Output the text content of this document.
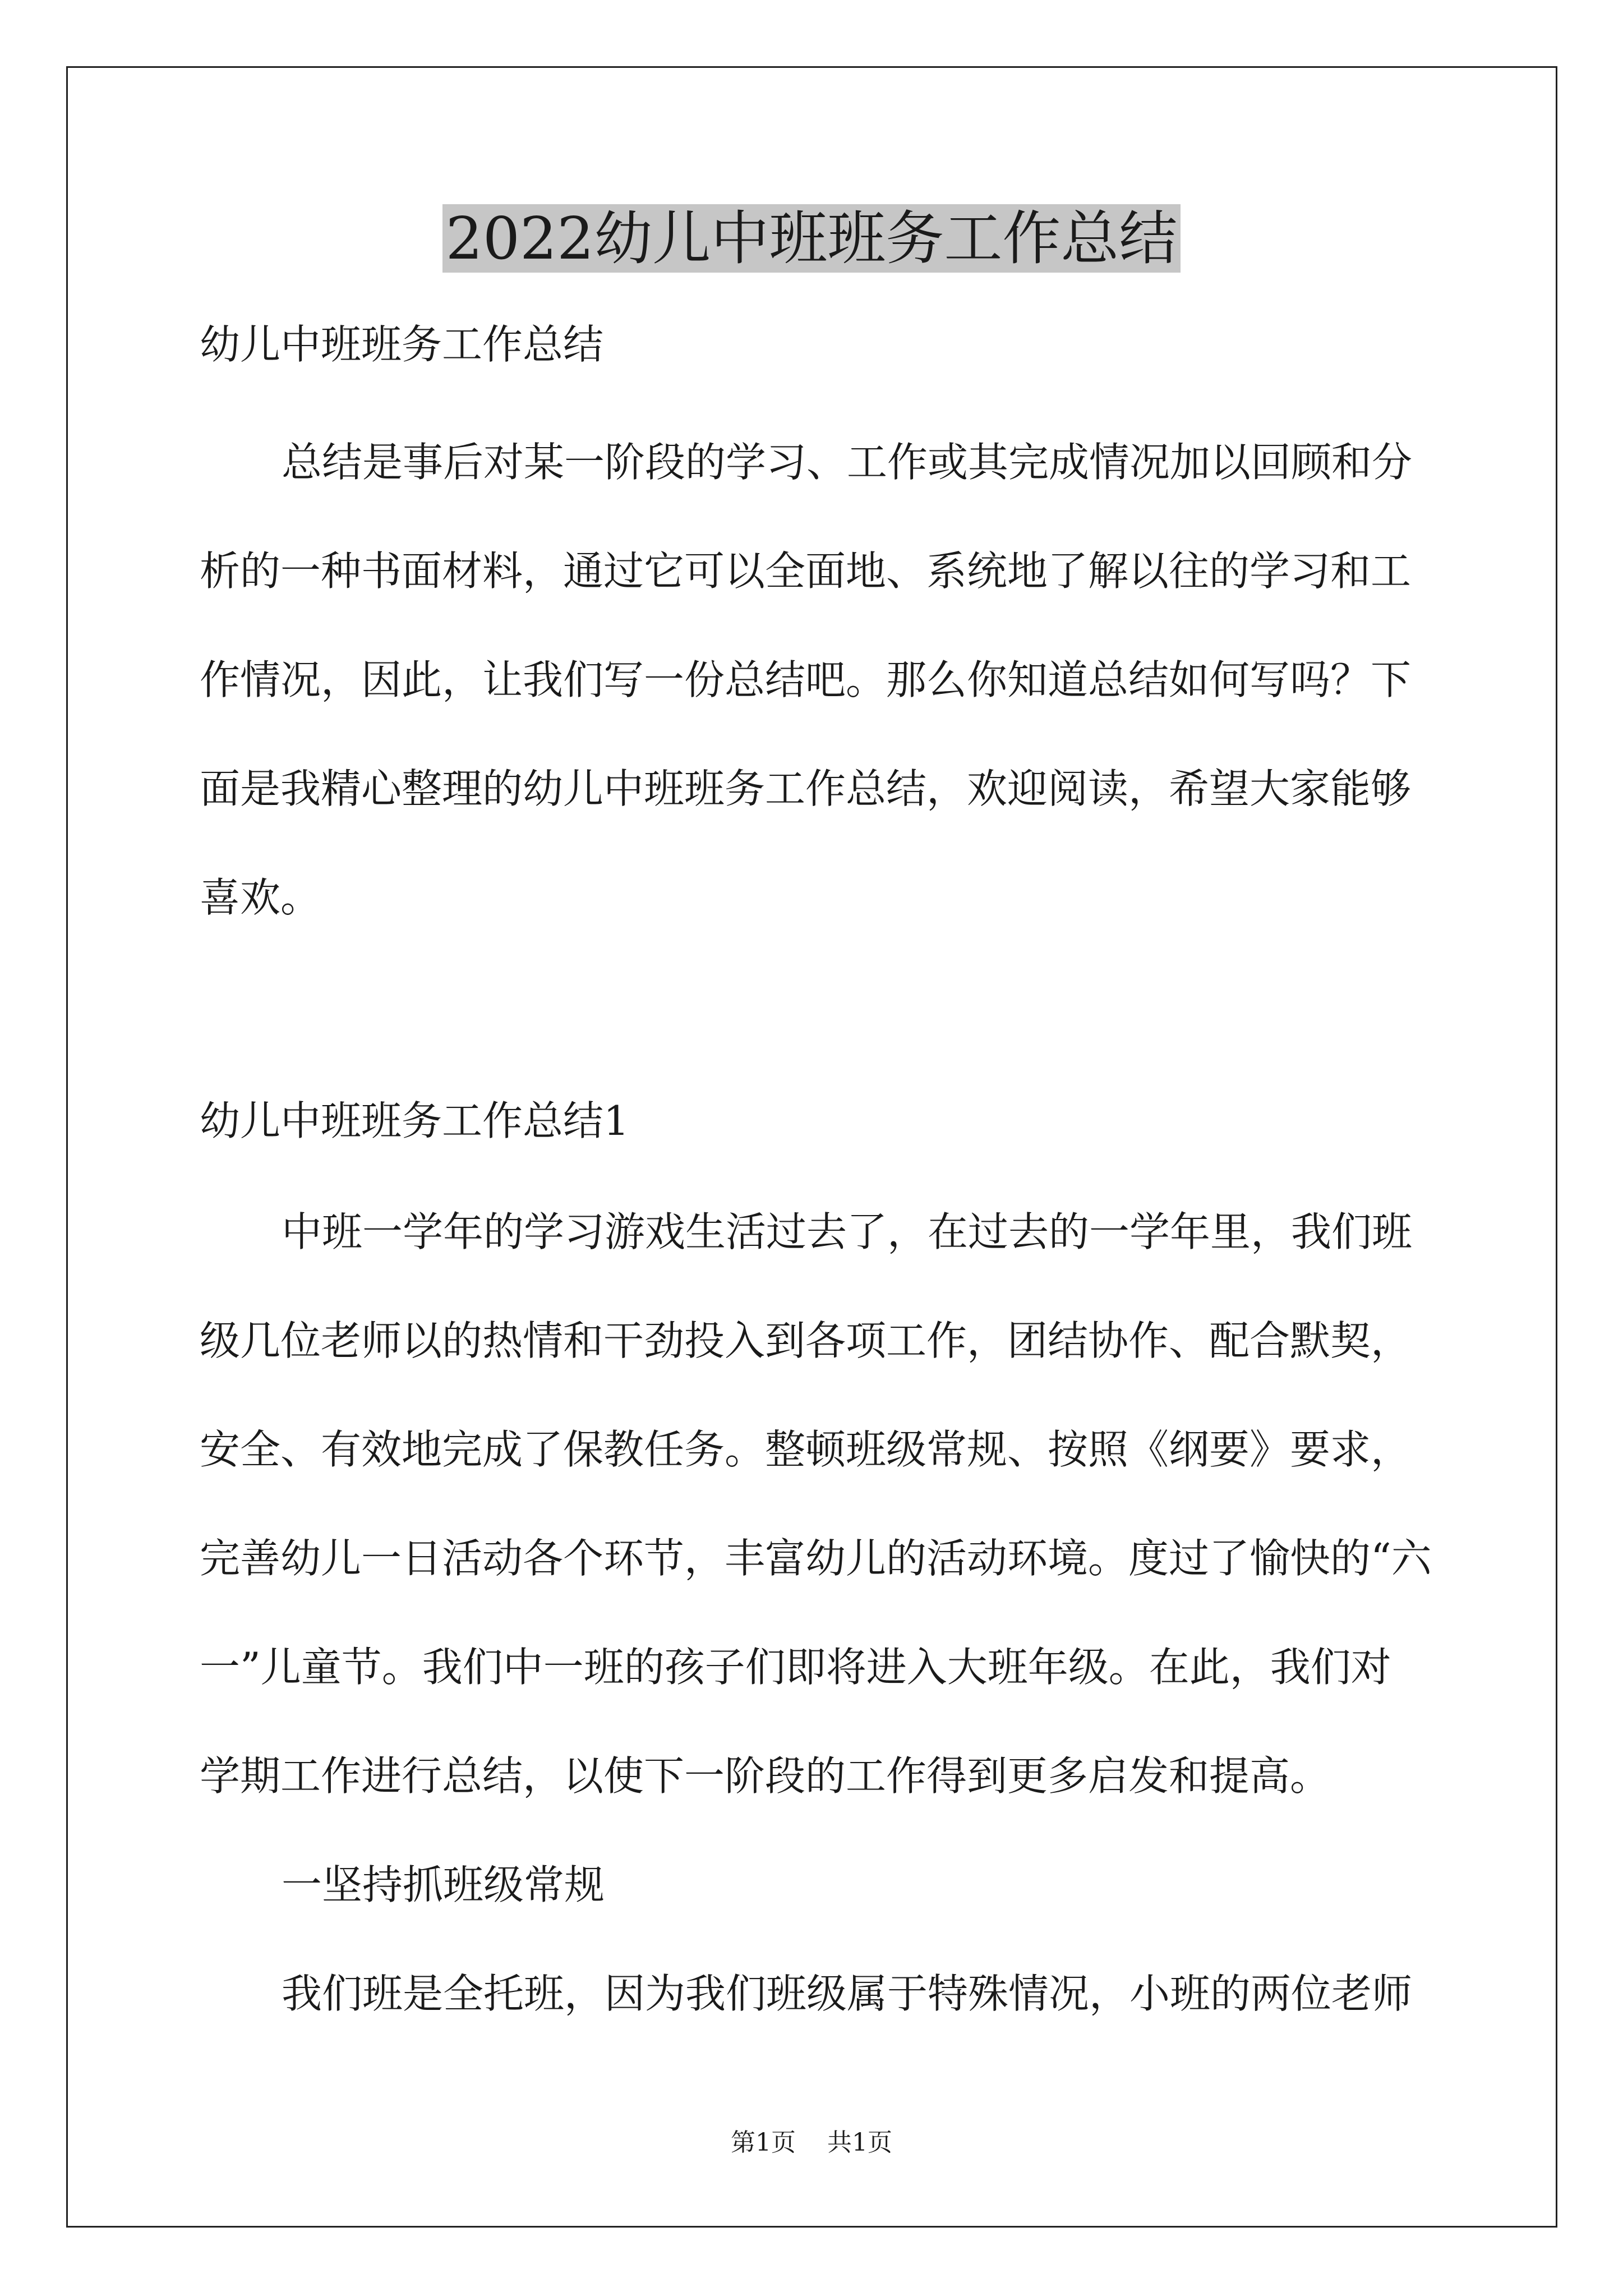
2022幼儿中班班务工作总结
幼儿中班班务工作总结
总结是事后对某一阶段的学习、工作或其完成情况加以回顾和分
析的一种书面材料，通过它可以全面地、系统地了解以往的学习和工
作情况，因此，让我们写一份总结吧。那么你知道总结如何写吗？下
面是我精心整理的幼儿中班班务工作总结，欢迎阅读，希望大家能够
喜欢。
幼儿中班班务工作总结1
中班一学年的学习游戏生活过去了，在过去的一学年里，我们班
级几位老师以的热情和干劲投入到各项工作，团结协作、配合默契，
安全、有效地完成了保教任务。整顿班级常规、按照《纲要》要求，
完善幼儿一日活动各个环节，丰富幼儿的活动环境。度过了愉快的“六
一”儿童节。我们中一班的孩子们即将进入大班年级。在此，我们对
学期工作进行总结，以使下一阶段的工作得到更多启发和提高。
一坚持抓班级常规
我们班是全托班，因为我们班级属于特殊情况，小班的两位老师
第1页 共1页
